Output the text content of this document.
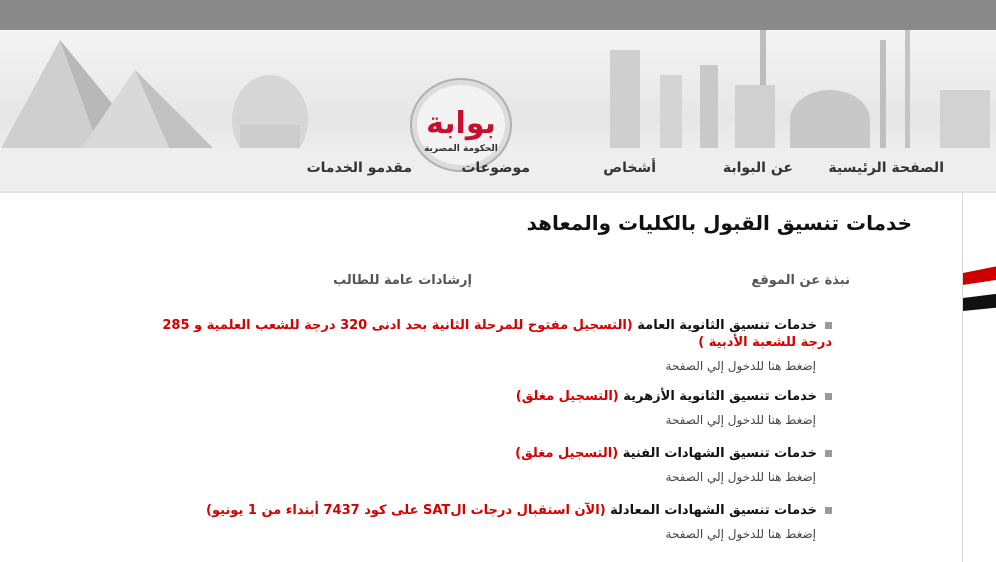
بوابة
الحكومة المصرية
الصفحة الرئيسية
عن البوابة
أشخاص
موضوعات
مقدمو الخدمات
خدمات تنسيق القبول بالكليات والمعاهد
نبذة عن الموقع
إرشادات عامة للطالب
خدمات تنسيق الثانوية العامة (التسجيل مفتوح للمرحلة الثانية بحد ادنى 320 درجة للشعب العلمية و 285 درجة للشعبة الأدبية )
إضغط هنا للدخول إلي الصفحة
خدمات تنسيق الثانوية الأزهرية (التسجيل مغلق)
إضغط هنا للدخول إلي الصفحة
خدمات تنسيق الشهادات الفنية (التسجيل مغلق)
إضغط هنا للدخول إلي الصفحة
خدمات تنسيق الشهادات المعادلة (الآن استقبال درجات الSAT على كود 7437 أبتداء من 1 يونيو)
إضغط هنا للدخول إلي الصفحة
